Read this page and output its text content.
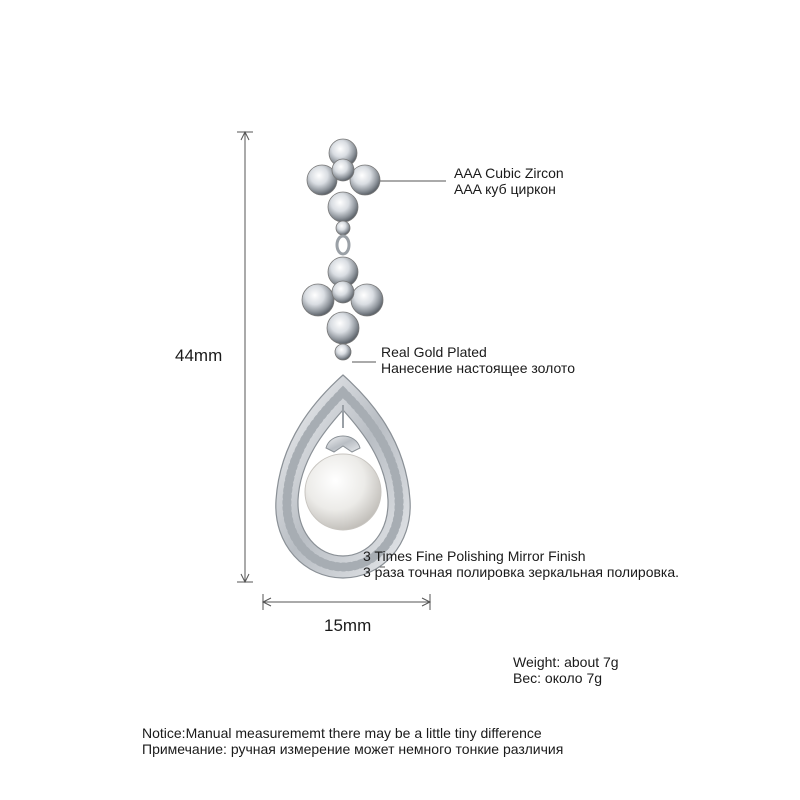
44mm
15mm
AAA Cubic Zircon
AAA куб циркон
Real Gold Plated
Нанесение настоящее золото
3 Times Fine Polishing Mirror Finish
3 раза точная полировка зеркальная полировка.
Weight: about 7g
Вес: около 7g
Notice:Manual measurememt there may be a little tiny difference
Примечание: ручная измерение может немного тонкие различия
